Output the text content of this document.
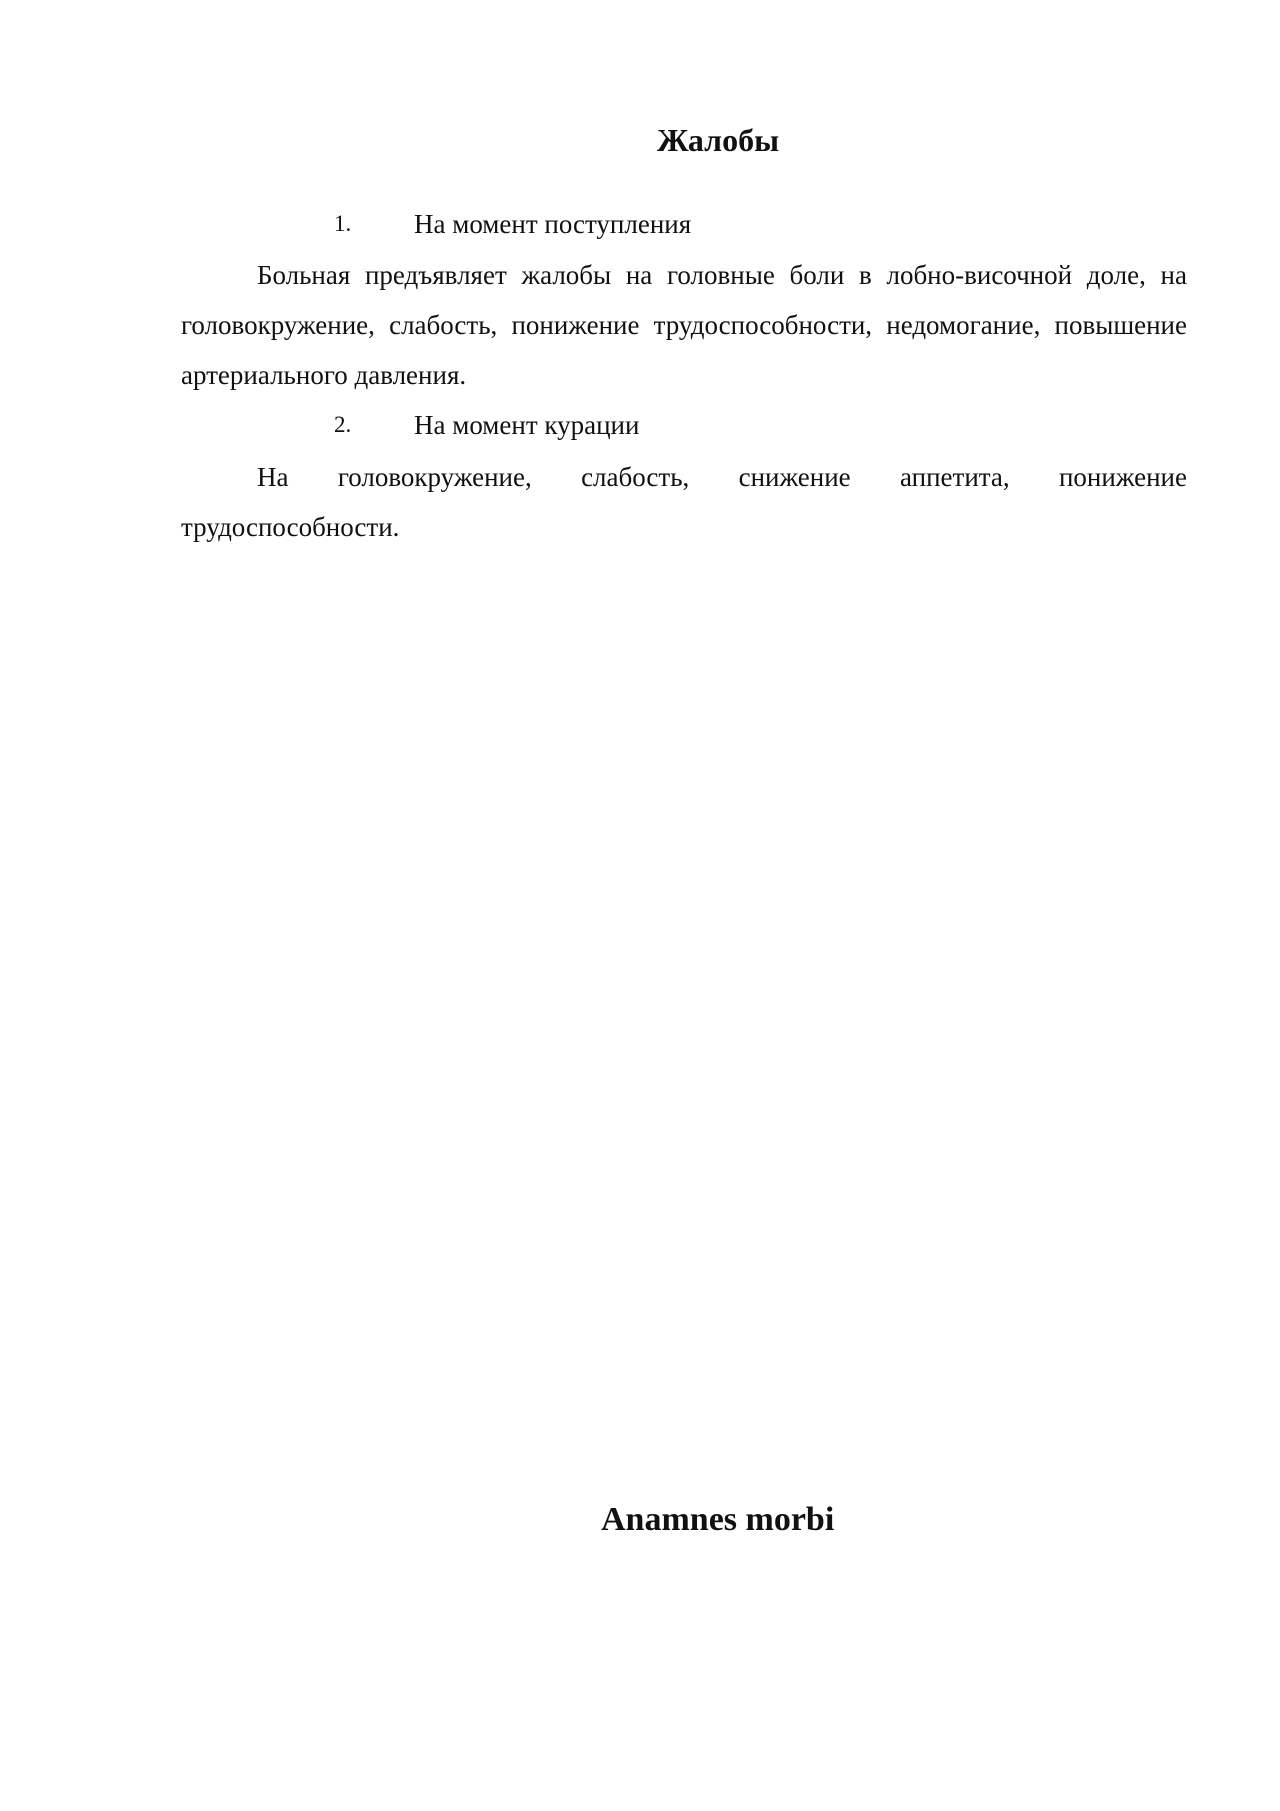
Жалобы
1. На момент поступления

Больная предъявляет жалобы на головные боли в лобно-височной доле, на головокружение, слабость, понижение трудоспособности, недомогание, повышение артериального давления.

2. На момент курации

На головокружение, слабость, снижение аппетита, понижение трудоспособности.

Anamnes morbi
